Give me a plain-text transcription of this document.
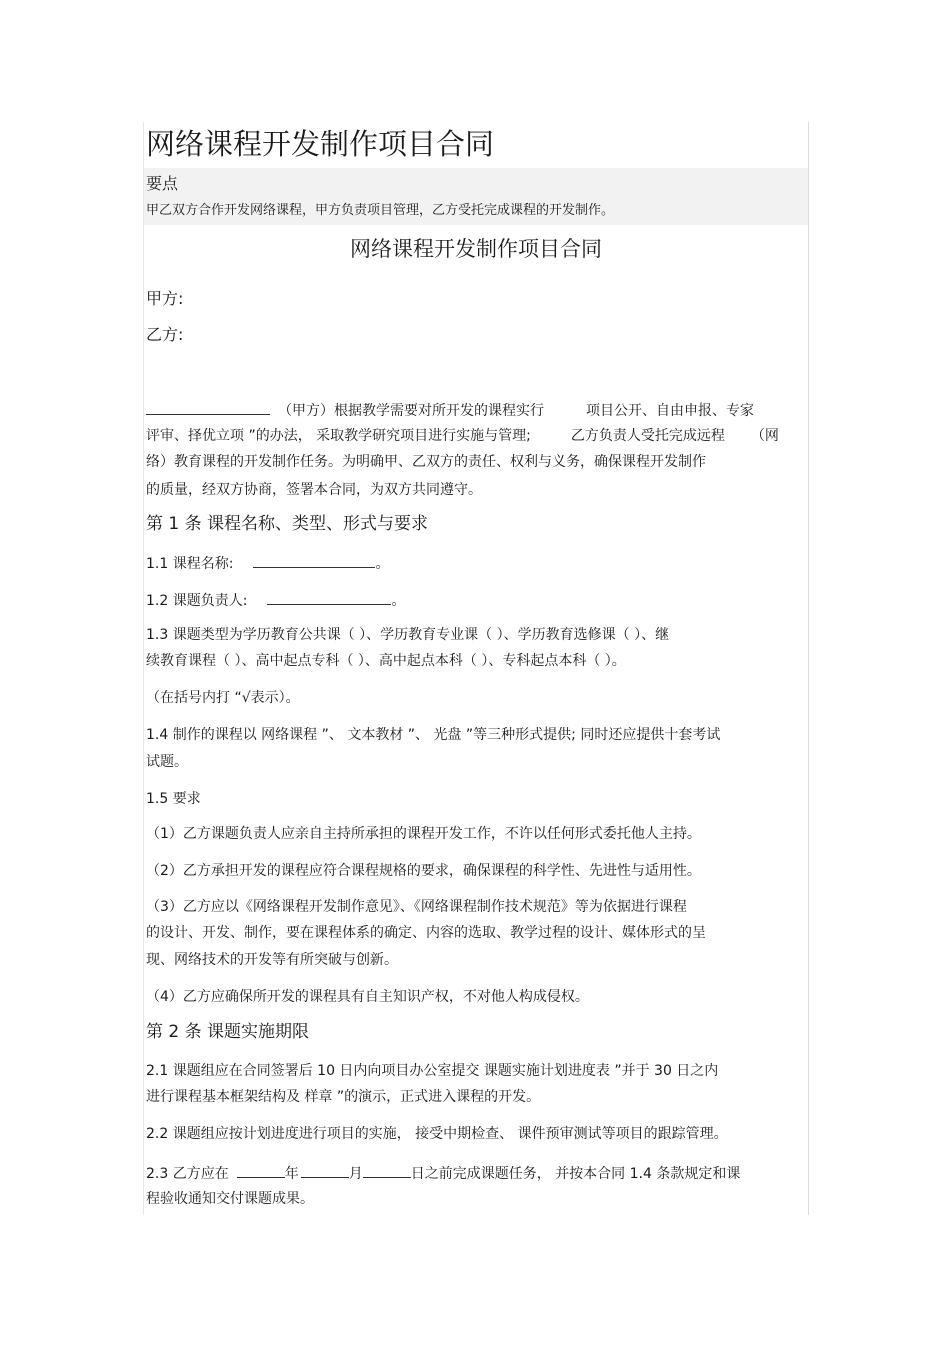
网络课程开发制作项目合同
要点
甲乙双方合作开发网络课程，甲方负责项目管理，乙方受托完成课程的开发制作。
网络课程开发制作项目合同
甲方:
乙方:
（甲方）根据教学需要对所开发的课程实行	项目公开、自由申报、专家
评审、择优立项 ”的办法， 采取教学研究项目进行实施与管理;	乙方负责人受托完成远程 （网
络）教育课程的开发制作任务。为明确甲、乙双方的责任、权利与义务，确保课程开发制作
的质量，经双方协商，签署本合同，为双方共同遵守。
第 1 条 课程名称、类型、形式与要求
1.1 课程名称:	。
1.2 课题负责人:	。
1.3 课题类型为学历教育公共课（ ）、学历教育专业课（ ）、学历教育选修课（ ）、继
续教育课程（ ）、高中起点专科（ ）、高中起点本科（ ）、专科起点本科（ ）。
（在括号内打 “√表示）。
1.4 制作的课程以 网络课程 ”、 文本教材 ”、 光盘 ”等三种形式提供; 同时还应提供十套考试
试题。
1.5 要求
（1）乙方课题负责人应亲自主持所承担的课程开发工作，不许以任何形式委托他人主持。
（2）乙方承担开发的课程应符合课程规格的要求，确保课程的科学性、先进性与适用性。
（3）乙方应以《网络课程开发制作意见》、《网络课程制作技术规范》等为依据进行课程
的设计、开发、制作，要在课程体系的确定、内容的选取、教学过程的设计、媒体形式的呈
现、网络技术的开发等有所突破与创新。
（4）乙方应确保所开发的课程具有自主知识产权，不对他人构成侵权。
第 2 条 课题实施期限
2.1 课题组应在合同签署后 10 日内向项目办公室提交 课题实施计划进度表 ”并于 30 日之内
进行课程基本框架结构及 样章 ”的演示，正式进入课程的开发。
2.2 课题组应按计划进度进行项目的实施， 接受中期检查、 课件预审测试等项目的跟踪管理。
2.3 乙方应在	年	月	日之前完成课题任务， 并按本合同 1.4 条款规定和课
程验收通知交付课题成果。
